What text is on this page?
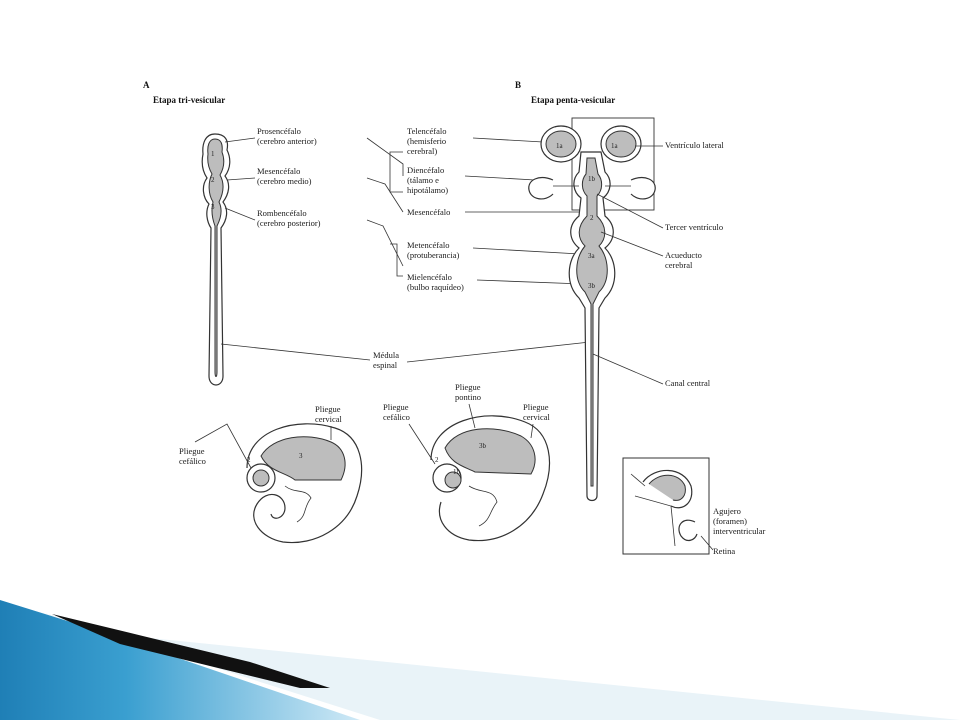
A
Etapa tri-vesicular
1
2
3
Prosencéfalo
(cerebro anterior)
Mesencéfalo
(cerebro medio)
Rombencéfalo
(cerebro posterior)
Telencéfalo
(hemisferio
cerebral)
Diencéfalo
(tálamo e
hipotálamo)
Mesencéfalo
Metencéfalo
(protuberancia)
Mielencéfalo
(bulbo raquídeo)
Médula
espinal
B
Etapa penta-vesicular
1a	1a
1b
2
3a
3b
Ventrículo lateral
Tercer ventrículo
Acueducto
cerebral
Canal central
Agujero
(foramen)
interventricular
Retina
3
2
Pliegue
cervical
Pliegue
cefálico
3b
2
1b
Pliegue
pontino
Pliegue
cefálico
Pliegue
cervical
